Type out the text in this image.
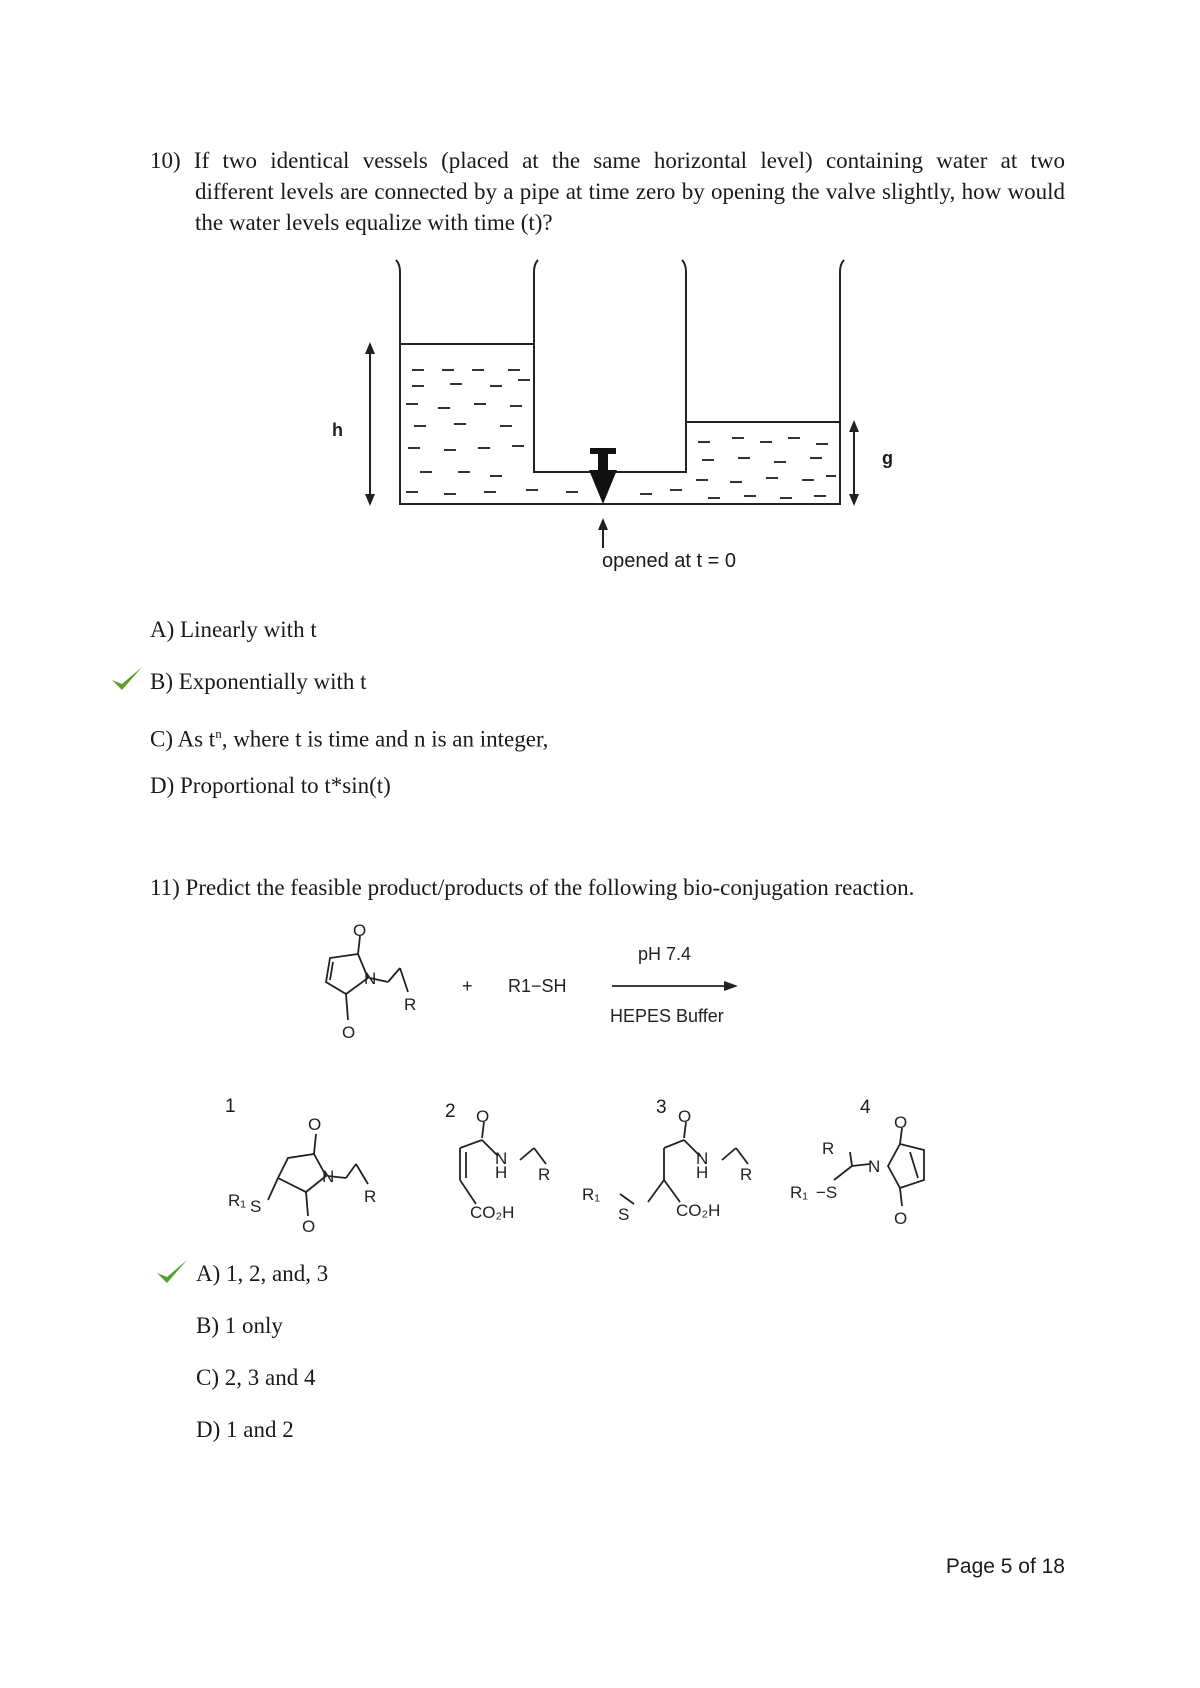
10) If two identical vessels (placed at the same horizontal level) containing water at two
different levels are connected by a pipe at time zero by opening the valve slightly, how would the water levels equalize with time (t)?
h
g
opened at t = 0
A) Linearly with t
B) Exponentially with t
C) As $t^n$, where t is time and n is an integer,
D) Proportional to t*sin(t)
11) Predict the feasible product/products of the following bio-conjugation reaction.
O
O
N
R
+ R1−SH
pH 7.4
HEPES Buffer
1	2	3	4
R₁ S
O
O
N
R
O
N
H R
CO₂H
O
N
H R
CO₂H
R₁
S
R
R₁ −S
N
O
O
A) 1, 2, and, 3
B) 1 only
C) 2, 3 and 4
D) 1 and 2
Page 5 of 18
